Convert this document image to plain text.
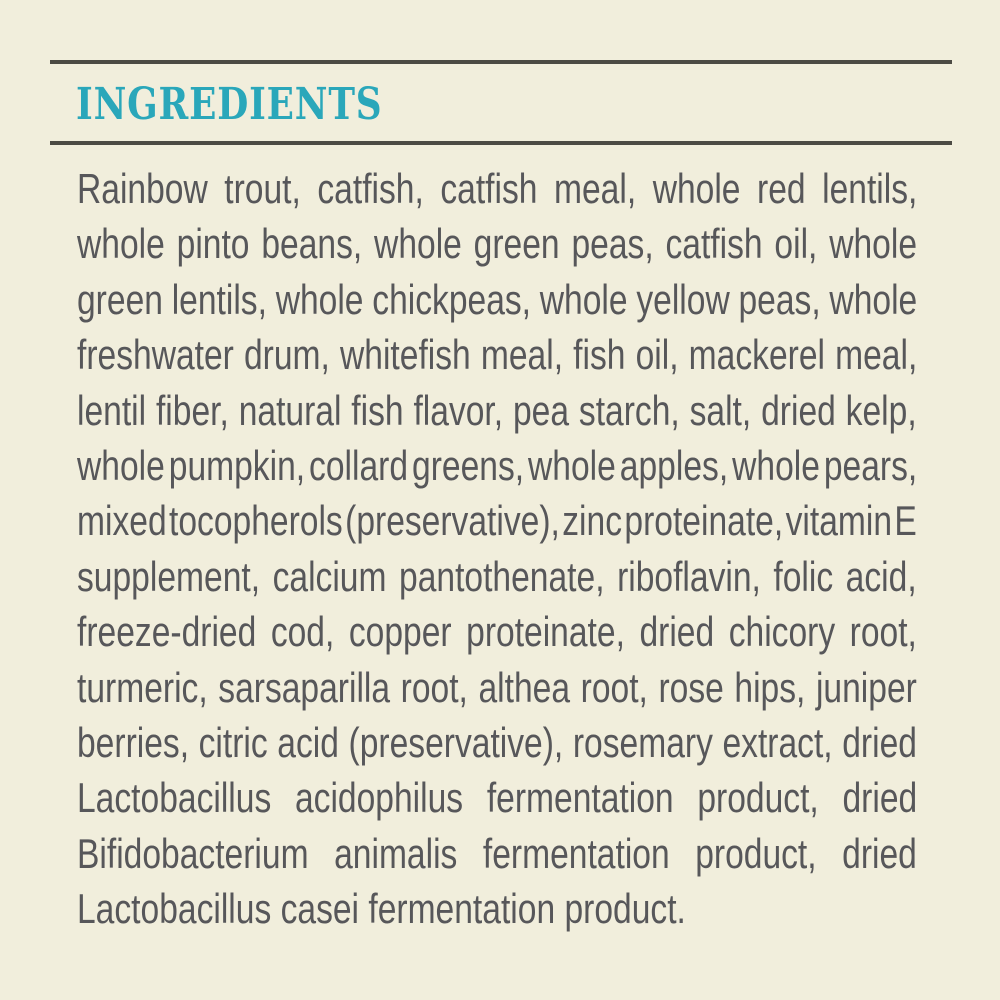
INGREDIENTS
Rainbow trout, catfish, catfish meal, whole red lentils,
whole pinto beans, whole green peas, catfish oil, whole
green lentils, whole chickpeas, whole yellow peas, whole
freshwater drum, whitefish meal, fish oil, mackerel meal,
lentil fiber, natural fish flavor, pea starch, salt, dried kelp,
whole pumpkin, collard greens, whole apples, whole pears,
mixed tocopherols (preservative), zinc proteinate, vitamin E
supplement, calcium pantothenate, riboflavin, folic acid,
freeze-dried cod, copper proteinate, dried chicory root,
turmeric, sarsaparilla root, althea root, rose hips, juniper
berries, citric acid (preservative), rosemary extract, dried
Lactobacillus acidophilus fermentation product, dried
Bifidobacterium animalis fermentation product, dried
Lactobacillus casei fermentation product.
